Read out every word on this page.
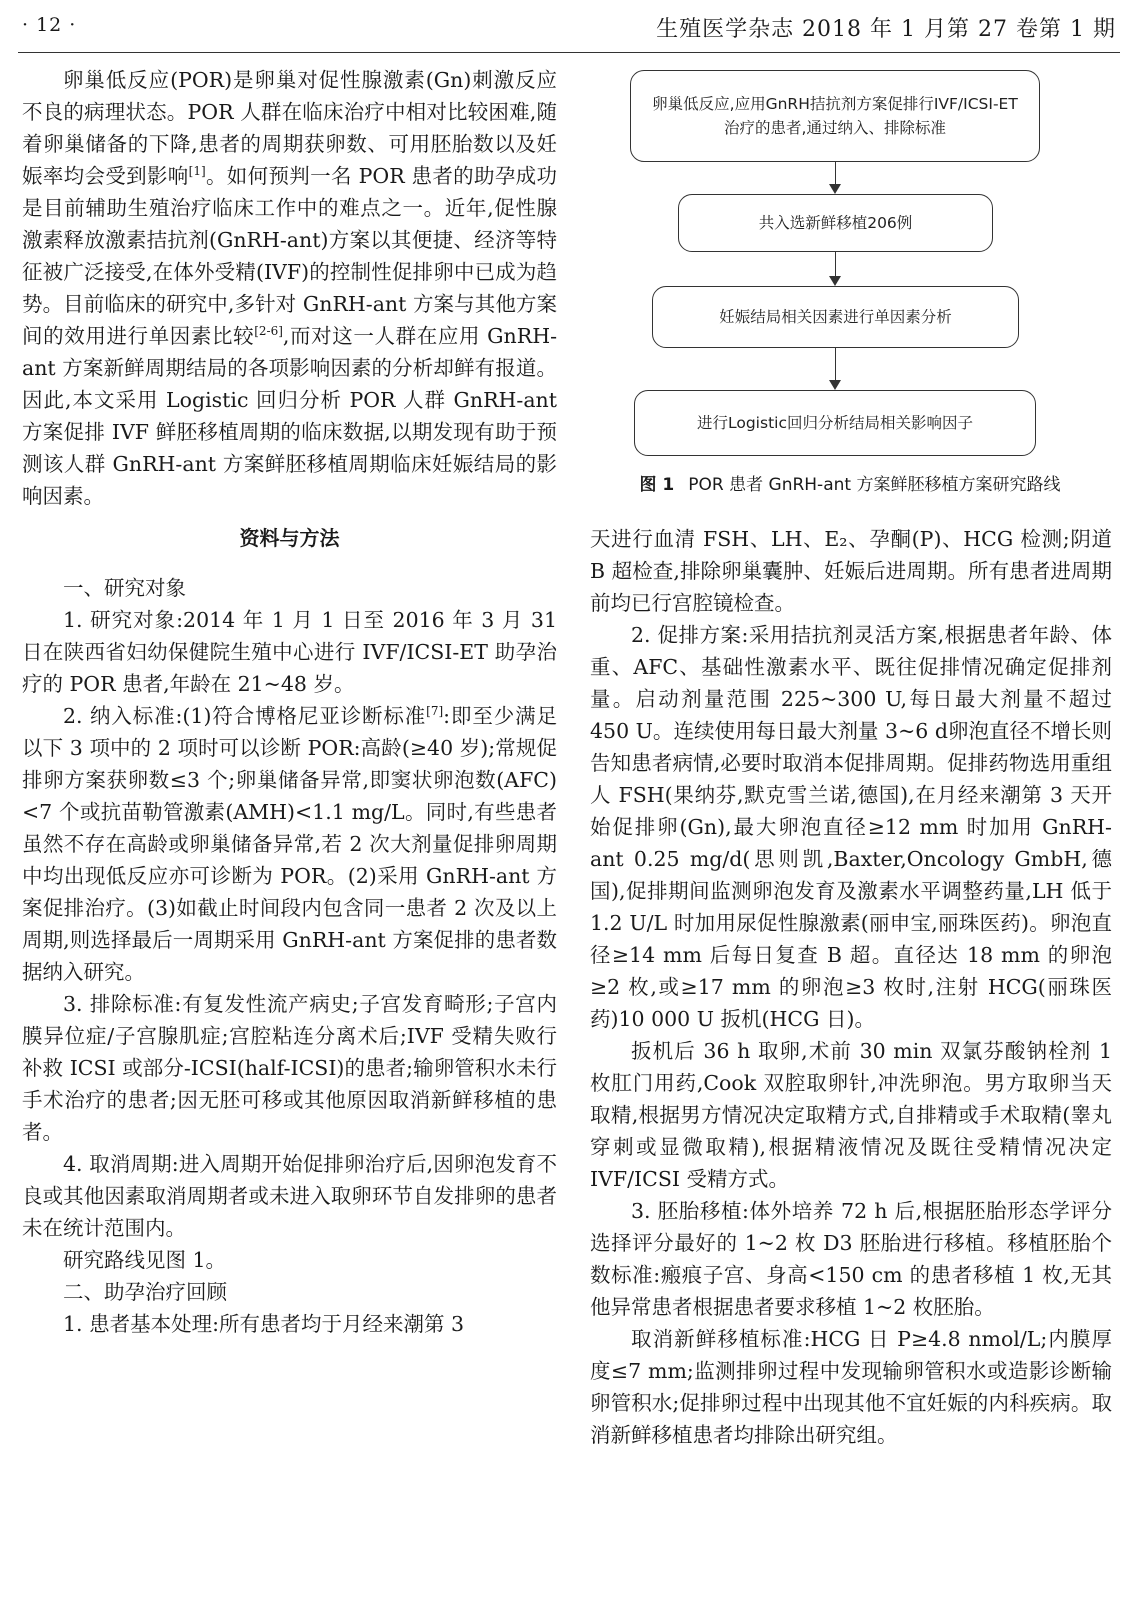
· 12 ·	生殖医学杂志 2018 年 1 月第 27 卷第 1 期

卵巢低反应(POR)是卵巢对促性腺激素(Gn)刺激反应不良的病理状态。POR 人群在临床治疗中相对比较困难,随着卵巢储备的下降,患者的周期获卵数、可用胚胎数以及妊娠率均会受到影响[1]。如何预判一名 POR 患者的助孕成功是目前辅助生殖治疗临床工作中的难点之一。近年,促性腺激素释放激素拮抗剂(GnRH-ant)方案以其便捷、经济等特征被广泛接受,在体外受精(IVF)的控制性促排卵中已成为趋势。目前临床的研究中,多针对 GnRH-ant 方案与其他方案间的效用进行单因素比较[2-6],而对这一人群在应用 GnRH-ant 方案新鲜周期结局的各项影响因素的分析却鲜有报道。因此,本文采用 Logistic 回归分析 POR 人群 GnRH-ant 方案促排 IVF 鲜胚移植周期的临床数据,以期发现有助于预测该人群 GnRH-ant 方案鲜胚移植周期临床妊娠结局的影响因素。

资料与方法

一、研究对象

1. 研究对象:2014 年 1 月 1 日至 2016 年 3 月 31 日在陕西省妇幼保健院生殖中心进行 IVF/ICSI-ET 助孕治疗的 POR 患者,年龄在 21~48 岁。

2. 纳入标准:(1)符合博格尼亚诊断标准[7]:即至少满足以下 3 项中的 2 项时可以诊断 POR:高龄(≥40 岁);常规促排卵方案获卵数≤3 个;卵巢储备异常,即窦状卵泡数(AFC)<7 个或抗苗勒管激素(AMH)<1.1 mg/L。同时,有些患者虽然不存在高龄或卵巢储备异常,若 2 次大剂量促排卵周期中均出现低反应亦可诊断为 POR。(2)采用 GnRH-ant 方案促排治疗。(3)如截止时间段内包含同一患者 2 次及以上周期,则选择最后一周期采用 GnRH-ant 方案促排的患者数据纳入研究。

3. 排除标准:有复发性流产病史;子宫发育畸形;子宫内膜异位症/子宫腺肌症;宫腔粘连分离术后;IVF 受精失败行补救 ICSI 或部分-ICSI(half-ICSI)的患者;输卵管积水未行手术治疗的患者;因无胚可移或其他原因取消新鲜移植的患者。

4. 取消周期:进入周期开始促排卵治疗后,因卵泡发育不良或其他因素取消周期者或未进入取卵环节自发排卵的患者未在统计范围内。

研究路线见图 1。

二、助孕治疗回顾

1. 患者基本处理:所有患者均于月经来潮第 3

卵巢低反应,应用GnRH拮抗剂方案促排行IVF/ICSI-ET治疗的患者,通过纳入、排除标准
共入选新鲜移植206例
妊娠结局相关因素进行单因素分析
进行Logistic回归分析结局相关影响因子
图 1 POR 患者 GnRH-ant 方案鲜胚移植方案研究路线

天进行血清 FSH、LH、E₂、孕酮(P)、HCG 检测;阴道 B 超检查,排除卵巢囊肿、妊娠后进周期。所有患者进周期前均已行宫腔镜检查。

2. 促排方案:采用拮抗剂灵活方案,根据患者年龄、体重、AFC、基础性激素水平、既往促排情况确定促排剂量。启动剂量范围 225~300 U,每日最大剂量不超过 450 U。连续使用每日最大剂量 3~6 d卵泡直径不增长则告知患者病情,必要时取消本促排周期。促排药物选用重组人 FSH(果纳芬,默克雪兰诺,德国),在月经来潮第 3 天开始促排卵(Gn),最大卵泡直径≥12 mm 时加用 GnRH-ant 0.25 mg/d(思则凯,Baxter,Oncology GmbH,德国),促排期间监测卵泡发育及激素水平调整药量,LH 低于 1.2 U/L 时加用尿促性腺激素(丽申宝,丽珠医药)。卵泡直径≥14 mm 后每日复查 B 超。直径达 18 mm 的卵泡≥2 枚,或≥17 mm 的卵泡≥3 枚时,注射 HCG(丽珠医药)10 000 U 扳机(HCG 日)。

扳机后 36 h 取卵,术前 30 min 双氯芬酸钠栓剂 1 枚肛门用药,Cook 双腔取卵针,冲洗卵泡。男方取卵当天取精,根据男方情况决定取精方式,自排精或手术取精(睾丸穿刺或显微取精),根据精液情况及既往受精情况决定 IVF/ICSI 受精方式。

3. 胚胎移植:体外培养 72 h 后,根据胚胎形态学评分选择评分最好的 1~2 枚 D3 胚胎进行移植。移植胚胎个数标准:瘢痕子宫、身高<150 cm 的患者移植 1 枚,无其他异常患者根据患者要求移植 1~2 枚胚胎。

取消新鲜移植标准:HCG 日 P≥4.8 nmol/L;内膜厚度≤7 mm;监测排卵过程中发现输卵管积水或造影诊断输卵管积水;促排卵过程中出现其他不宜妊娠的内科疾病。取消新鲜移植患者均排除出研究组。
